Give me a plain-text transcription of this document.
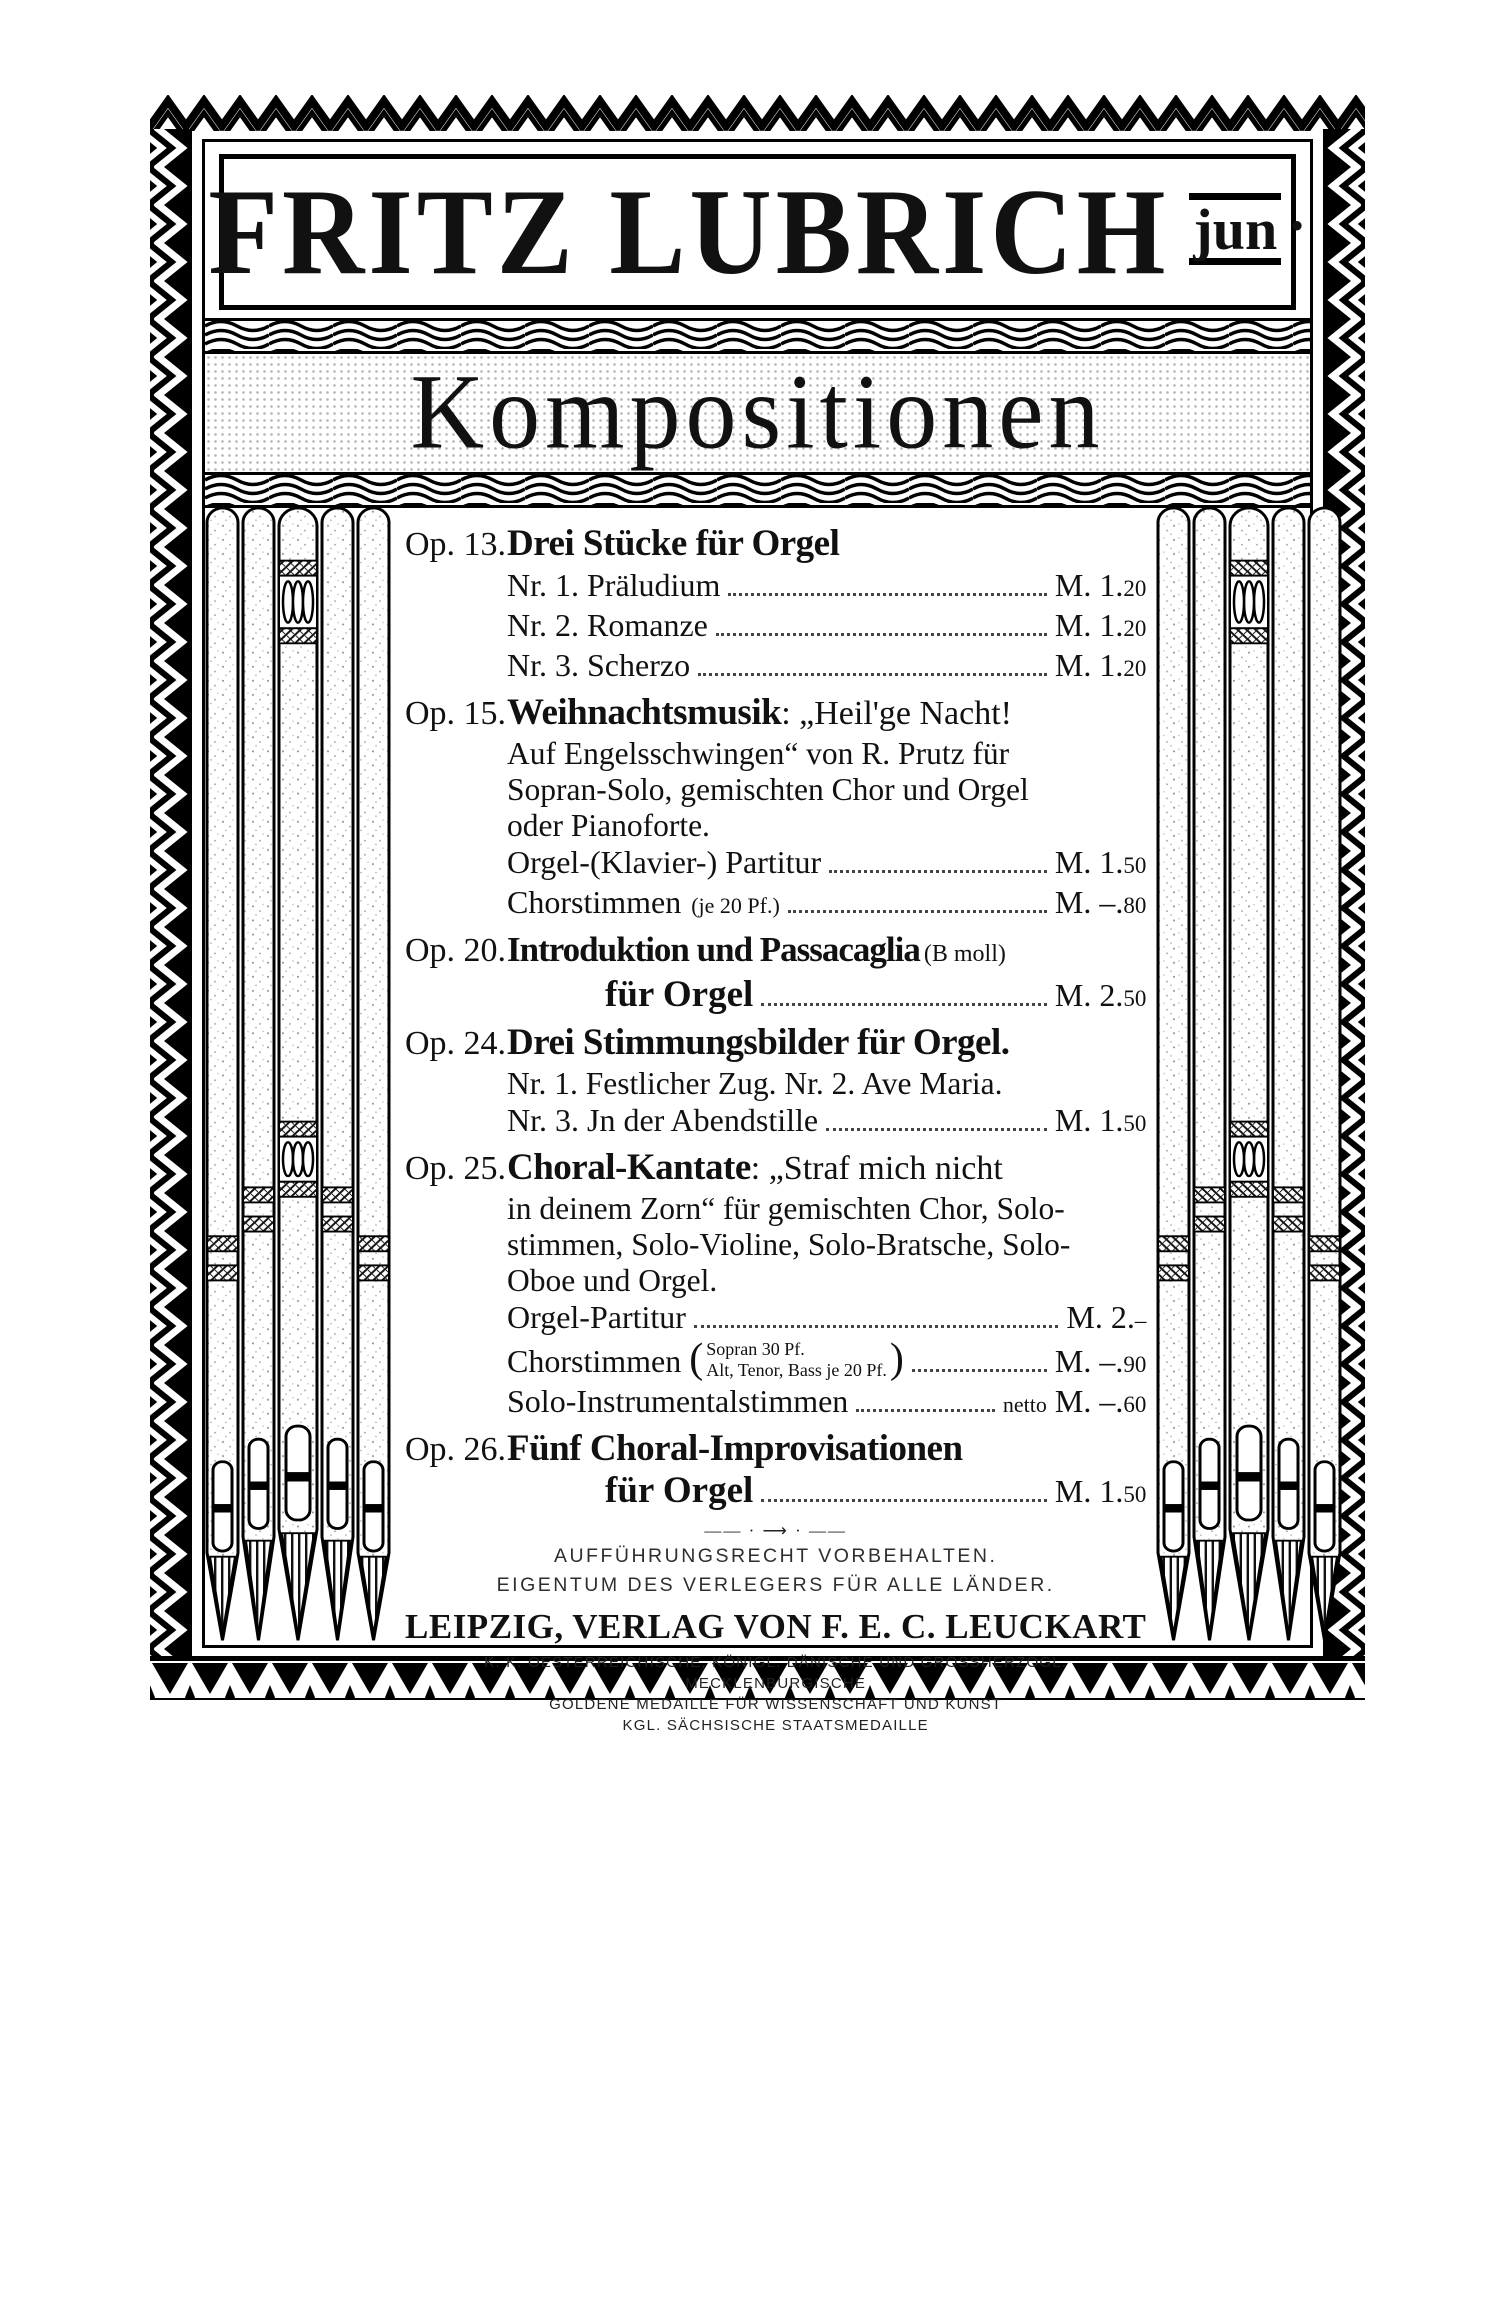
FRITZ LUBRICH jun ·
Kompositionen
Op. 13. Drei Stücke für Orgel
Nr. 1. Präludium	M. 1.20
Nr. 2. Romanze	M. 1.20
Nr. 3. Scherzo	M. 1.20
Op. 15. Weihnachtsmusik: „Heil'ge Nacht!
Auf Engelsschwingen“ von R. Prutz für
Sopran-Solo, gemischten Chor und Orgel
oder Pianoforte.
Orgel-(Klavier-) Partitur	M. 1.50
Chorstimmen (je 20 Pf.)	M. –.80
Op. 20. Introduktion und Passacaglia (B moll)
für Orgel	M. 2.50
Op. 24. Drei Stimmungsbilder für Orgel.
Nr. 1. Festlicher Zug. Nr. 2. Ave Maria.
Nr. 3. Jn der Abendstille	M. 1.50
Op. 25. Choral-Kantate: „Straf mich nicht
in deinem Zorn“ für gemischten Chor, Solo-
stimmen, Solo-Violine, Solo-Bratsche, Solo-
Oboe und Orgel.
Orgel-Partitur	M. 2.–
Chorstimmen ( Sopran 30 Pf.
Alt, Tenor, Bass je 20 Pf. )	M. –.90
Solo-Instrumentalstimmen	netto M. –.60
Op. 26. Fünf Choral-Improvisationen
für Orgel	M. 1.50
—— · ⟶ · ——
AUFFÜHRUNGSRECHT VORBEHALTEN.
EIGENTUM DES VERLEGERS FÜR ALLE LÄNDER.
LEIPZIG, VERLAG VON F. E. C. LEUCKART
K. K. OESTERREICHISCHE, KÖNIGL. DÄNISCHE UND GROSSHERZOGL. MECKLENBURGISCHE
GOLDENE MEDAILLE FÜR WISSENSCHAFT UND KUNST
KGL. SÄCHSISCHE STAATSMEDAILLE
